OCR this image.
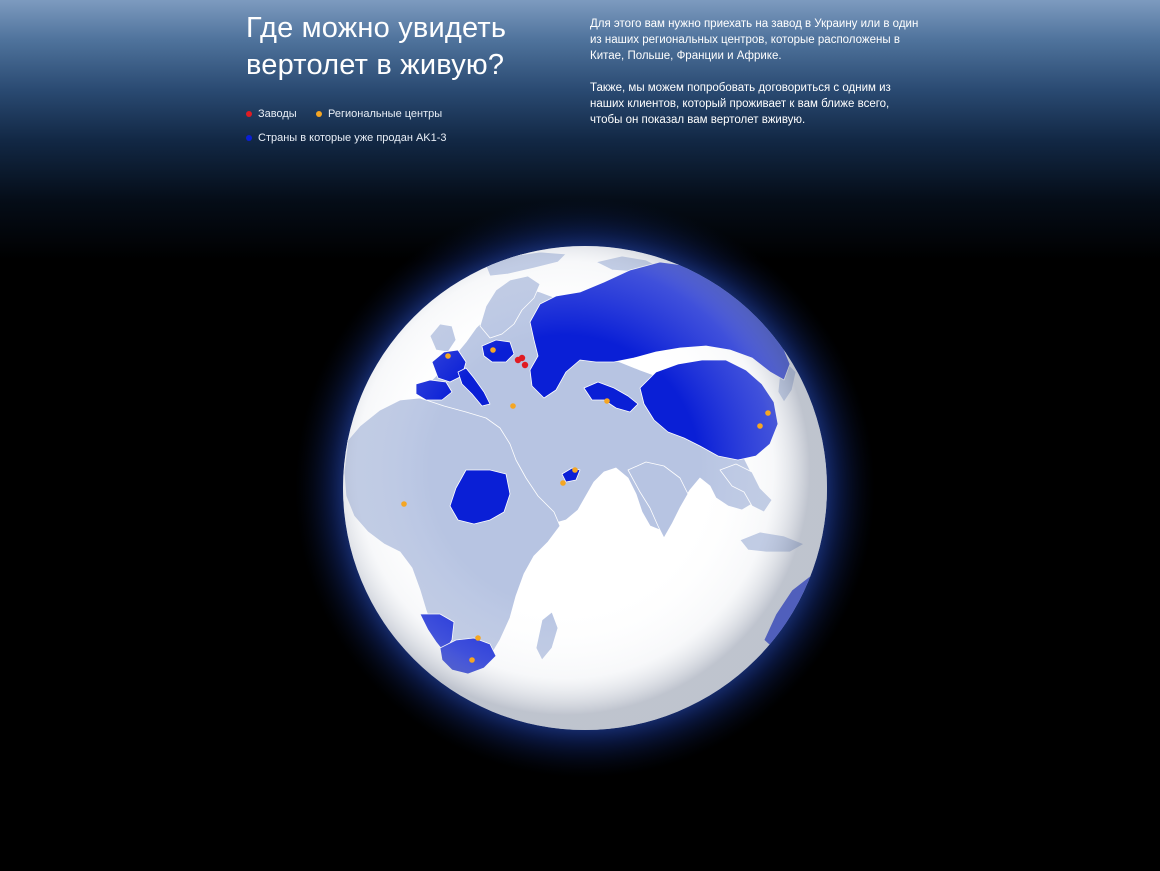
Где можно увидеть вертолет в живую?
Заводы	Региональные центры
Страны в которые уже продан AK1-3

Для этого вам нужно приехать на завод в Украину или в один из наших региональных центров, которые расположены в Китае, Польше, Франции и Африке.

Также, мы можем попробовать договориться с одним из наших клиентов, который проживает к вам ближе всего, чтобы он показал вам вертолет вживую.
